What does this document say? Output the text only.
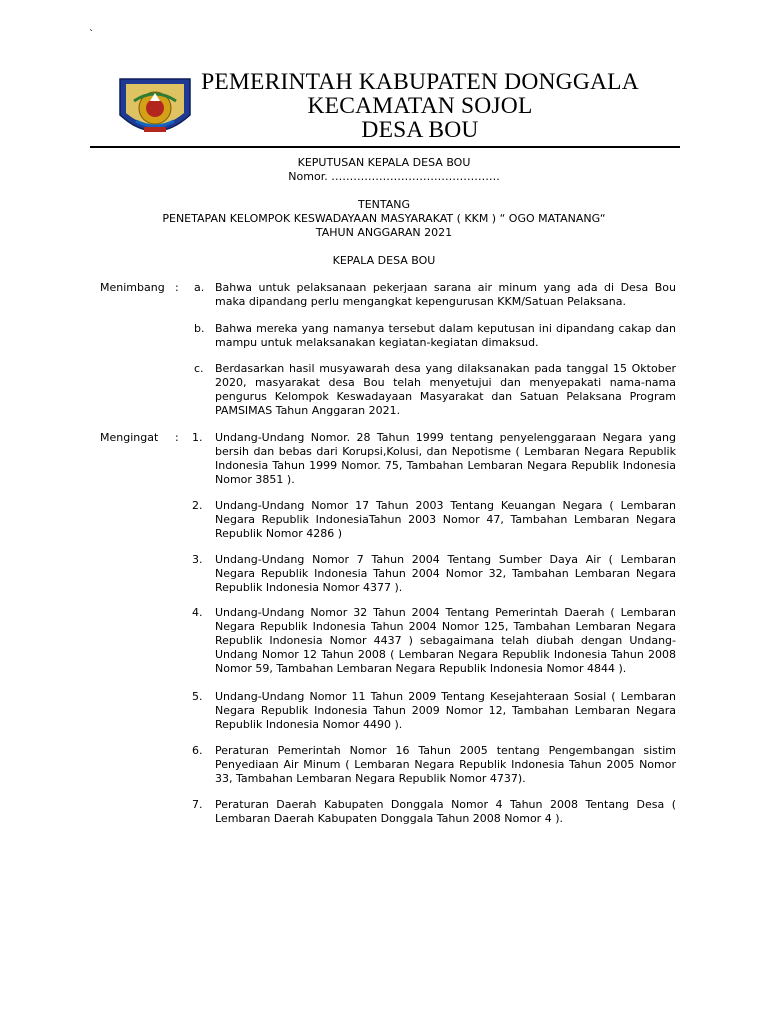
`
PEMERINTAH KABUPATEN DONGGALA
KECAMATAN SOJOL
DESA BOU
KEPUTUSAN KEPALA DESA BOU
Nomor. ……………………………………….
TENTANG
PENETAPAN KELOMPOK KESWADAYAAN MASYARAKAT ( KKM ) “ OGO MATANANG“
TAHUN ANGGARAN 2021
KEPALA DESA BOU
Menimbang : a. Bahwa untuk pelaksanaan pekerjaan sarana air minum yang ada di Desa Bou maka dipandang perlu mengangkat kepengurusan KKM/Satuan Pelaksana.
b. Bahwa mereka yang namanya tersebut dalam keputusan ini dipandang cakap dan mampu untuk melaksanakan kegiatan-kegiatan dimaksud.
c.	Berdasarkan hasil musyawarah desa yang dilaksanakan pada tanggal 15 Oktober 2020, masyarakat desa Bou telah menyetujui dan menyepakati nama-nama pengurus Kelompok Keswadayaan Masyarakat dan Satuan Pelaksana Program PAMSIMAS Tahun Anggaran 2021.
Mengingat : 1.	Undang-Undang Nomor. 28 Tahun 1999 tentang penyelenggaraan Negara yang bersih dan bebas dari Korupsi,Kolusi, dan Nepotisme ( Lembaran Negara Republik Indonesia Tahun 1999 Nomor. 75, Tambahan Lembaran Negara Republik Indonesia Nomor 3851 ).
2.	Undang-Undang Nomor 17 Tahun 2003 Tentang Keuangan Negara ( Lembaran Negara Republik IndonesiaTahun 2003 Nomor 47, Tambahan Lembaran Negara Republik Nomor 4286 )
3.	Undang-Undang Nomor 7 Tahun 2004 Tentang Sumber Daya Air ( Lembaran Negara Republik Indonesia Tahun 2004 Nomor 32, Tambahan Lembaran Negara Republik Indonesia Nomor 4377 ).
4.	Undang-Undang Nomor 32 Tahun 2004 Tentang Pemerintah Daerah ( Lembaran Negara Republik Indonesia Tahun 2004 Nomor 125, Tambahan Lembaran Negara Republik Indonesia Nomor 4437 ) sebagaimana telah diubah dengan Undang-Undang Nomor 12 Tahun 2008 ( Lembaran Negara Republik Indonesia Tahun 2008 Nomor 59, Tambahan Lembaran Negara Republik Indonesia Nomor 4844 ).
5.	Undang-Undang Nomor 11 Tahun 2009 Tentang Kesejahteraan Sosial ( Lembaran Negara Republik Indonesia Tahun 2009 Nomor 12, Tambahan Lembaran Negara Republik Indonesia Nomor 4490 ).
6.	Peraturan Pemerintah Nomor 16 Tahun 2005 tentang Pengembangan sistim Penyediaan Air Minum ( Lembaran Negara Republik Indonesia Tahun 2005 Nomor 33, Tambahan Lembaran Negara Republik Nomor 4737).
7.	Peraturan Daerah Kabupaten Donggala Nomor 4 Tahun 2008 Tentang Desa ( Lembaran Daerah Kabupaten Donggala Tahun 2008 Nomor 4 ).
